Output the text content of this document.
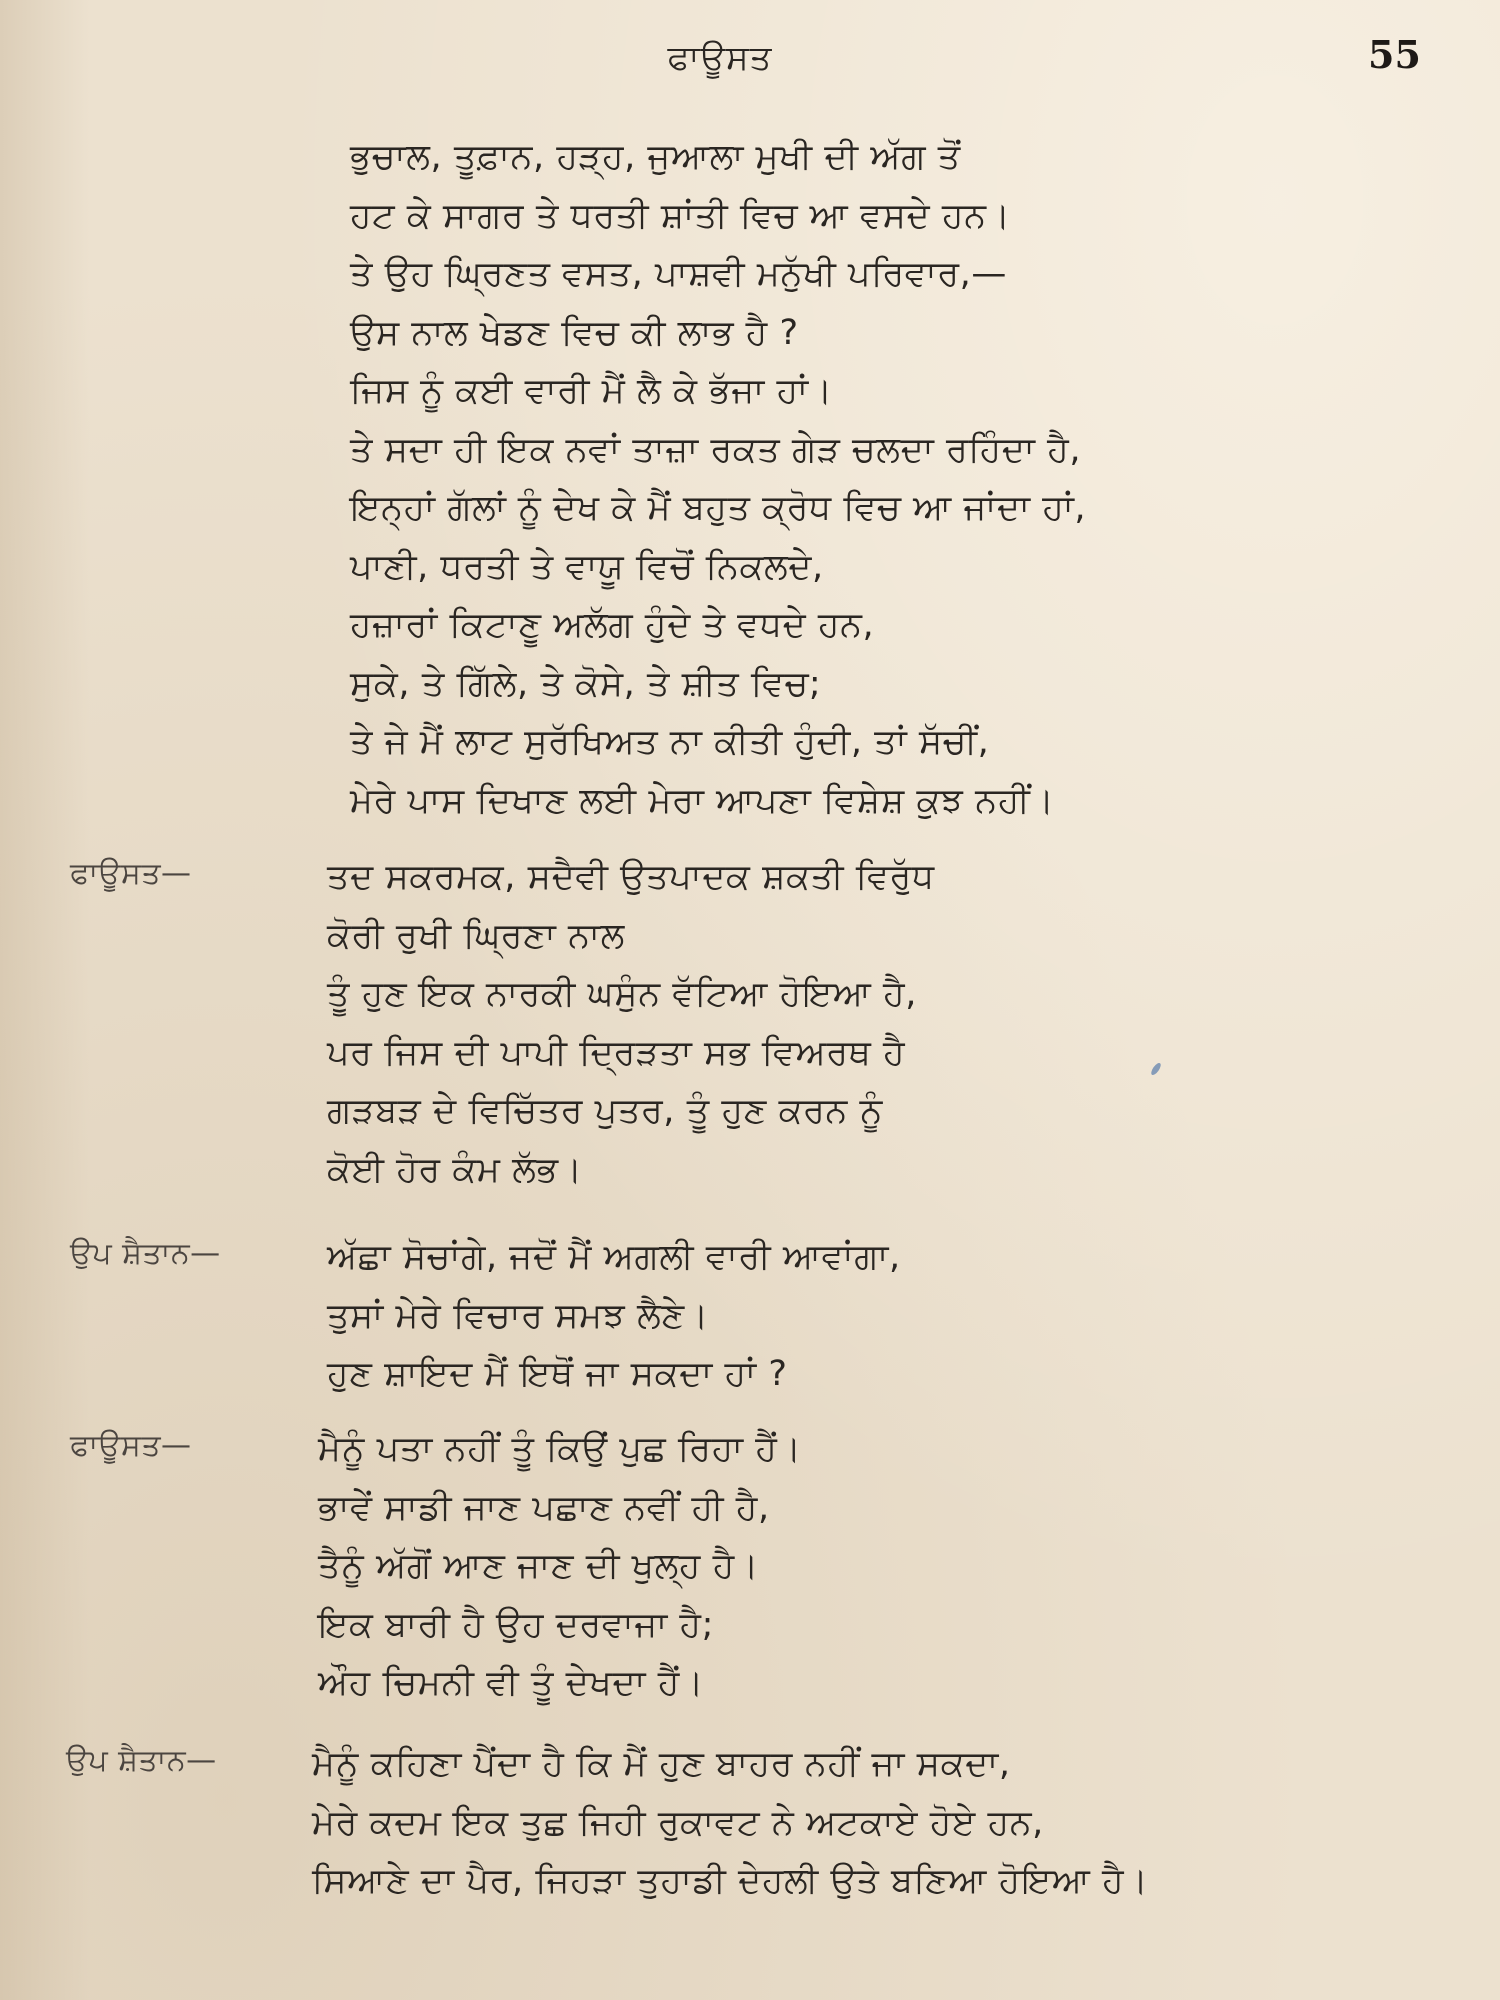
ਫਾਊਸਤ	55
ਭੁਚਾਲ, ਤੂਫ਼ਾਨ, ਹੜ੍ਹ, ਜੁਆਲਾ ਮੁਖੀ ਦੀ ਅੱਗ ਤੋਂ
ਹਟ ਕੇ ਸਾਗਰ ਤੇ ਧਰਤੀ ਸ਼ਾਂਤੀ ਵਿਚ ਆ ਵਸਦੇ ਹਨ।
ਤੇ ਉਹ ਘ੍ਰਿਣਤ ਵਸਤ, ਪਾਸ਼ਵੀ ਮਨੁੱਖੀ ਪਰਿਵਾਰ,—
ਉਸ ਨਾਲ ਖੇਡਣ ਵਿਚ ਕੀ ਲਾਭ ਹੈ ?
ਜਿਸ ਨੂੰ ਕਈ ਵਾਰੀ ਮੈਂ ਲੈ ਕੇ ਭੱਜਾ ਹਾਂ।
ਤੇ ਸਦਾ ਹੀ ਇਕ ਨਵਾਂ ਤਾਜ਼ਾ ਰਕਤ ਗੇੜ ਚਲਦਾ ਰਹਿੰਦਾ ਹੈ,
ਇਨ੍ਹਾਂ ਗੱਲਾਂ ਨੂੰ ਦੇਖ ਕੇ ਮੈਂ ਬਹੁਤ ਕ੍ਰੋਧ ਵਿਚ ਆ ਜਾਂਦਾ ਹਾਂ,
ਪਾਣੀ, ਧਰਤੀ ਤੇ ਵਾਯੂ ਵਿਚੋਂ ਨਿਕਲਦੇ,
ਹਜ਼ਾਰਾਂ ਕਿਟਾਣੂ ਅਲੱਗ ਹੁੰਦੇ ਤੇ ਵਧਦੇ ਹਨ,
ਸੁਕੇ, ਤੇ ਗਿੱਲੇ, ਤੇ ਕੋਸੇ, ਤੇ ਸ਼ੀਤ ਵਿਚ;
ਤੇ ਜੇ ਮੈਂ ਲਾਟ ਸੁਰੱਖਿਅਤ ਨਾ ਕੀਤੀ ਹੁੰਦੀ, ਤਾਂ ਸੱਚੀਂ,
ਮੇਰੇ ਪਾਸ ਦਿਖਾਣ ਲਈ ਮੇਰਾ ਆਪਣਾ ਵਿਸ਼ੇਸ਼ ਕੁਝ ਨਹੀਂ।
ਫਾਊਸਤ—	ਤਦ ਸਕਰਮਕ, ਸਦੈਵੀ ਉਤਪਾਦਕ ਸ਼ਕਤੀ ਵਿਰੁੱਧ
ਕੋਰੀ ਰੁਖੀ ਘ੍ਰਿਣਾ ਨਾਲ
ਤੂੰ ਹੁਣ ਇਕ ਨਾਰਕੀ ਘਸੁੰਨ ਵੱਟਿਆ ਹੋਇਆ ਹੈ,
ਪਰ ਜਿਸ ਦੀ ਪਾਪੀ ਦ੍ਰਿੜਤਾ ਸਭ ਵਿਅਰਥ ਹੈ
ਗੜਬੜ ਦੇ ਵਿਚਿੱਤਰ ਪੁਤਰ, ਤੂੰ ਹੁਣ ਕਰਨ ਨੂੰ
ਕੋਈ ਹੋਰ ਕੰਮ ਲੱਭ।
ਉਪ ਸ਼ੈਤਾਨ—	ਅੱਛਾ ਸੋਚਾਂਗੇ, ਜਦੋਂ ਮੈਂ ਅਗਲੀ ਵਾਰੀ ਆਵਾਂਗਾ,
ਤੁਸਾਂ ਮੇਰੇ ਵਿਚਾਰ ਸਮਝ ਲੈਣੇ।
ਹੁਣ ਸ਼ਾਇਦ ਮੈਂ ਇਥੋਂ ਜਾ ਸਕਦਾ ਹਾਂ ?
ਫਾਊਸਤ—	ਮੈਨੂੰ ਪਤਾ ਨਹੀਂ ਤੂੰ ਕਿਉਂ ਪੁਛ ਰਿਹਾ ਹੈਂ।
ਭਾਵੇਂ ਸਾਡੀ ਜਾਣ ਪਛਾਣ ਨਵੀਂ ਹੀ ਹੈ,
ਤੈਨੂੰ ਅੱਗੋਂ ਆਣ ਜਾਣ ਦੀ ਖੁਲ੍ਹ ਹੈ।
ਇਕ ਬਾਰੀ ਹੈ ਉਹ ਦਰਵਾਜਾ ਹੈ;
ਔਹ ਚਿਮਨੀ ਵੀ ਤੂੰ ਦੇਖਦਾ ਹੈਂ।
ਉਪ ਸ਼ੈਤਾਨ—	ਮੈਨੂੰ ਕਹਿਣਾ ਪੈਂਦਾ ਹੈ ਕਿ ਮੈਂ ਹੁਣ ਬਾਹਰ ਨਹੀਂ ਜਾ ਸਕਦਾ,
ਮੇਰੇ ਕਦਮ ਇਕ ਤੁਛ ਜਿਹੀ ਰੁਕਾਵਟ ਨੇ ਅਟਕਾਏ ਹੋਏ ਹਨ,
ਸਿਆਣੇ ਦਾ ਪੈਰ, ਜਿਹੜਾ ਤੁਹਾਡੀ ਦੇਹਲੀ ਉਤੇ ਬਣਿਆ ਹੋਇਆ ਹੈ।
